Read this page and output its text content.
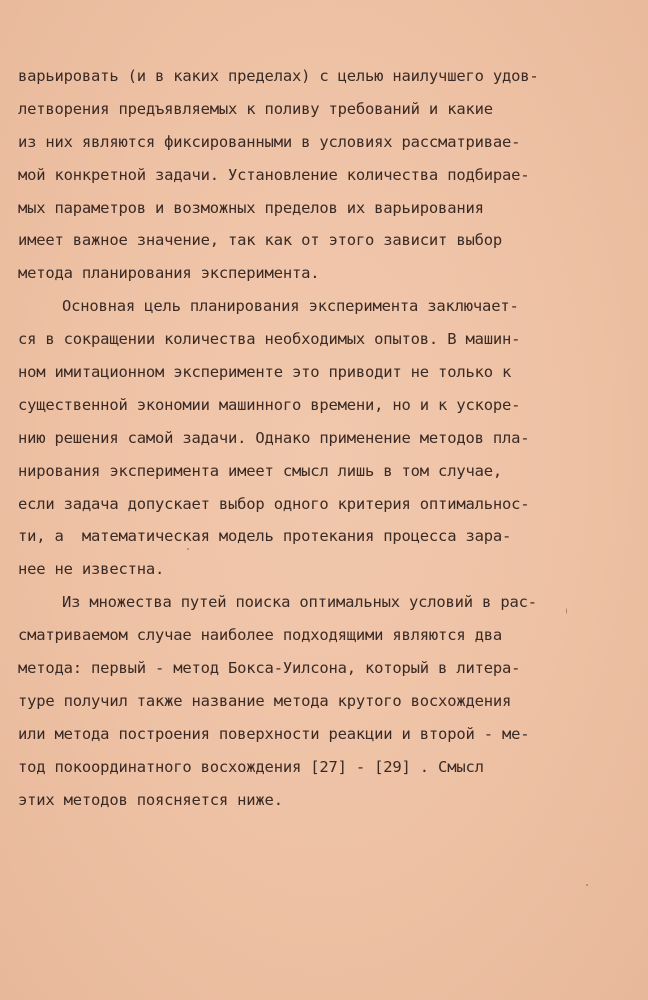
варьировать (и в каких пределах) с целью наилучшего удов-
летворения предъявляемых к поливу требований и какие
из них являются фиксированными в условиях рассматривае-
мой конкретной задачи. Установление количества подбирае-
мых параметров и возможных пределов их варьирования
имеет важное значение, так как от этого зависит выбор
метода планирования эксперимента.
Основная цель планирования эксперимента заключает-
ся в сокращении количества необходимых опытов. В машин-
ном имитационном эксперименте это приводит не только к
существенной экономии машинного времени, но и к ускоре-
нию решения самой задачи. Однако применение методов пла-
нирования эксперимента имеет смысл лишь в том случае,
если задача допускает выбор одного критерия оптимальнос-
ти, а  математическая модель протекания процесса зара-
нее не известна.
Из множества путей поиска оптимальных условий в рас-
сматриваемом случае наиболее подходящими являются два
метода: первый - метод Бокса-Уилсона, который в литера-
туре получил также название метода крутого восхождения
или метода построения поверхности реакции и второй - ме-
тод покоординатного восхождения [27] - [29] . Смысл
этих методов поясняется ниже.
